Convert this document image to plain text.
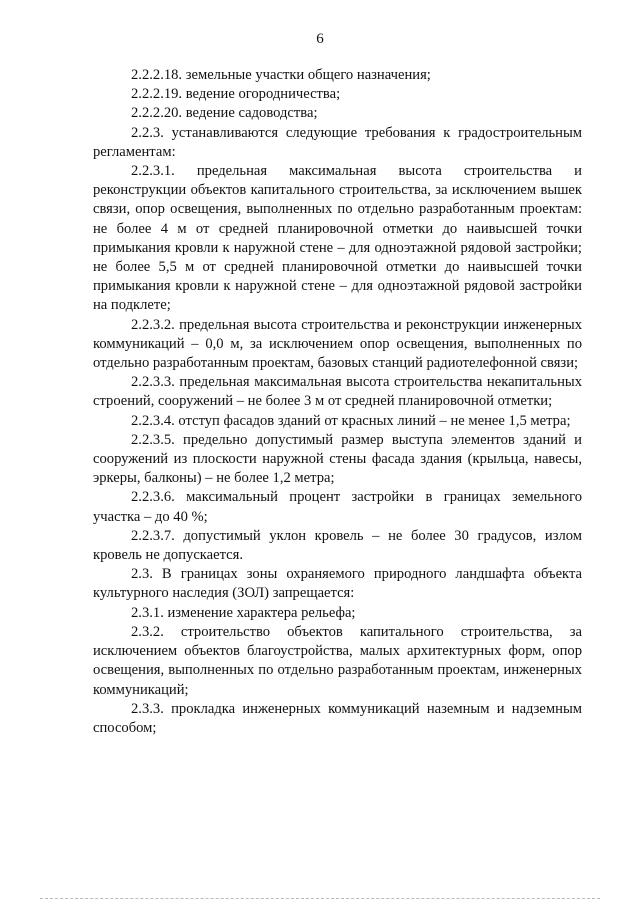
6

2.2.2.18. земельные участки общего назначения;

2.2.2.19. ведение огородничества;

2.2.2.20. ведение садоводства;

2.2.3. устанавливаются следующие требования к градостроительным регламентам:

2.2.3.1. предельная максимальная высота строительства и реконструкции объектов капитального строительства, за исключением вышек связи, опор освещения, выполненных по отдельно разработанным проектам: не более 4 м от средней планировочной отметки до наивысшей точки примыкания кровли к наружной стене – для одноэтажной рядовой застройки; не более 5,5 м от средней планировочной отметки до наивысшей точки примыкания кровли к наружной стене – для одноэтажной рядовой застройки на подклете;

2.2.3.2. предельная высота строительства и реконструкции инженерных коммуникаций – 0,0 м, за исключением опор освещения, выполненных по отдельно разработанным проектам, базовых станций радиотелефонной связи;

2.2.3.3. предельная максимальная высота строительства некапитальных строений, сооружений – не более 3 м от средней планировочной отметки;

2.2.3.4. отступ фасадов зданий от красных линий – не менее 1,5 метра;

2.2.3.5. предельно допустимый размер выступа элементов зданий и сооружений из плоскости наружной стены фасада здания (крыльца, навесы, эркеры, балконы) – не более 1,2 метра;

2.2.3.6. максимальный процент застройки в границах земельного участка – до 40 %;

2.2.3.7. допустимый уклон кровель – не более 30 градусов, излом кровель не допускается.

2.3. В границах зоны охраняемого природного ландшафта объекта культурного наследия (ЗОЛ) запрещается:

2.3.1. изменение характера рельефа;

2.3.2. строительство объектов капитального строительства, за исключением объектов благоустройства, малых архитектурных форм, опор освещения, выполненных по отдельно разработанным проектам, инженерных коммуникаций;

2.3.3. прокладка инженерных коммуникаций наземным и надземным способом;
